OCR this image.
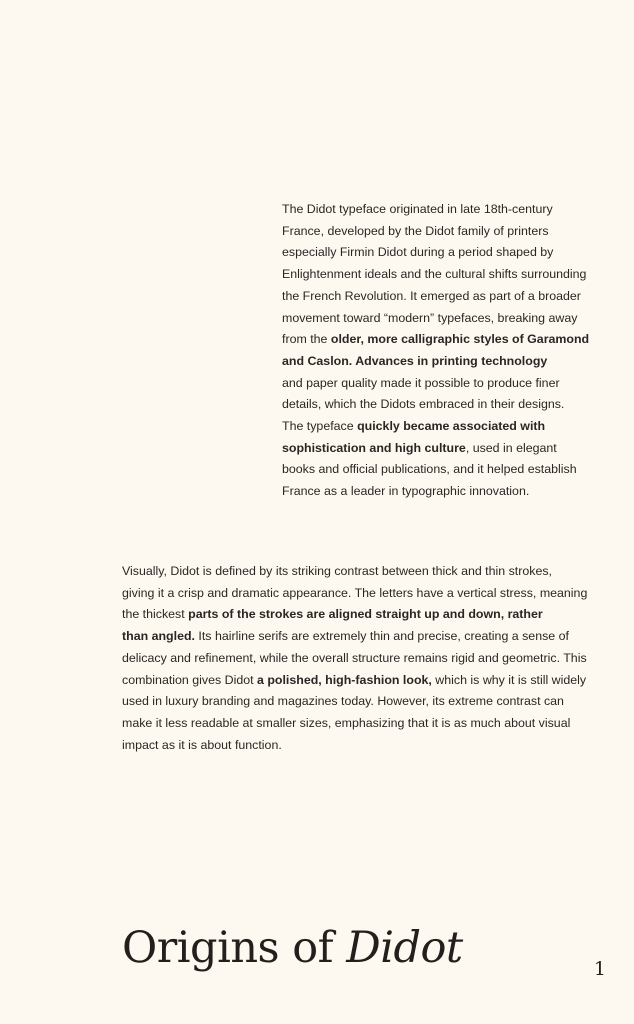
The Didot typeface originated in late 18th-century
France, developed by the Didot family of printers
especially Firmin Didot during a period shaped by
Enlightenment ideals and the cultural shifts surrounding
the French Revolution. It emerged as part of a broader
movement toward “modern” typefaces, breaking away
from the older, more calligraphic styles of Garamond
and Caslon. Advances in printing technology
and paper quality made it possible to produce finer
details, which the Didots embraced in their designs.
The typeface quickly became associated with
sophistication and high culture, used in elegant
books and official publications, and it helped establish
France as a leader in typographic innovation.

Visually, Didot is defined by its striking contrast between thick and thin strokes,
giving it a crisp and dramatic appearance. The letters have a vertical stress, meaning
the thickest parts of the strokes are aligned straight up and down, rather
than angled. Its hairline serifs are extremely thin and precise, creating a sense of
delicacy and refinement, while the overall structure remains rigid and geometric. This
combination gives Didot a polished, high-fashion look, which is why it is still widely
used in luxury branding and magazines today. However, its extreme contrast can
make it less readable at smaller sizes, emphasizing that it is as much about visual
impact as it is about function.

Origins of Didot	1
